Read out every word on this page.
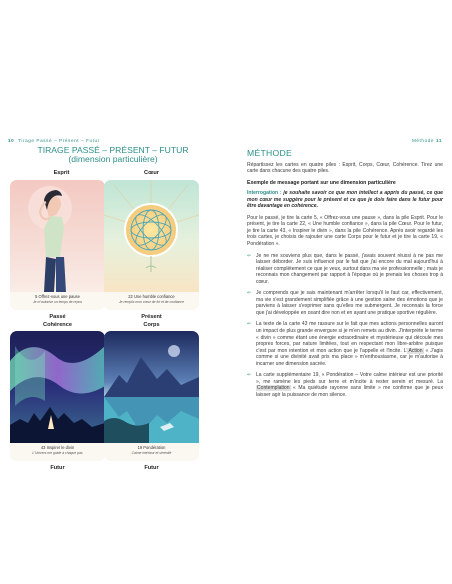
10 Tirage Passé – Présent – Futur	Méthode 11
TIRAGE PASSÉ – PRÉSENT – FUTUR
(dimension particulière)
Esprit	Cœur
5 Offrez-vous une pause
Je m'autorise un temps de repos
22 Une humble confiance
Je remplis mon cœur de foi et de confiance
Passé
Cohérence
Présent
Corps
43 Inspirer le divin
L'Univers me guide à chaque pas
19 Pondération
Calme intérieur et sérénité
Futur	Futur
MÉTHODE
Répartissez les cartes en quatre piles : Esprit, Corps, Cœur, Cohérence. Tirez une carte dans chacune des quatre piles.
Exemple de message portant sur une dimension particulière
Interrogation : je souhaite savoir ce que mon intellect a appris du passé, ce que mon cœur me suggère pour le présent et ce que je dois faire dans le futur pour être davantage en cohérence.
Pour le passé, je tire la carte 5, « Offrez-vous une pause », dans la pile Esprit. Pour le présent, je tire la carte 22, « Une humble confiance », dans la pile Cœur. Pour le futur, je tire la carte 43, « Inspirer le divin », dans la pile Cohérence. Après avoir regardé les trois cartes, je choisis de rajouter une carte Corps pour le futur et je tire la carte 19, « Pondération ».
⇐ Je ne me souviens plus que, dans le passé, j'avais souvent réussi à ne pas me laisser déborder. Je suis influencé par le fait que j'ai encore du mal aujourd'hui à réaliser complètement ce que je veux, surtout dans ma vie professionnelle ; mais je reconnais mon changement par rapport à l'époque où je prenais les choses trop à cœur.
⇐ Je comprends que je sais maintenant m'arrêter lorsqu'il le faut car, effectivement, ma vie s'est grandement simplifiée grâce à une gestion saine des émotions que je parviens à laisser s'exprimer sans qu'elles me submergent. Je reconnais la force que j'ai développée en osant dire non et en ayant une pratique sportive régulière.
⇐ La texte de la carte 43 me rassure sur le fait que mes actions personnelles auront un impact de plus grande envergure si je m'en remets au divin. J'interprète le terme « divin » comme étant une énergie extraordinaire et mystérieuse qui découle mes propres forces, par nature limitées, tout en respectant mon libre-arbitre puisque c'est par mon intention et mon action que je l'appelle et l'incite. L'Action « J'agis comme si une divinité avait pris ma place » m'enthousiasme, car je m'autorise à incarner une dimension sacrée.
⇐ La carte supplémentaire 19, « Pondération – Votre calme intérieur est une priorité », me ramène les pieds sur terre et m'incite à rester serein et mesuré. La Contemplation « Ma quiétude rayonne sans limite » me confirme que je peux laisser agir la puissance de mon silence.
